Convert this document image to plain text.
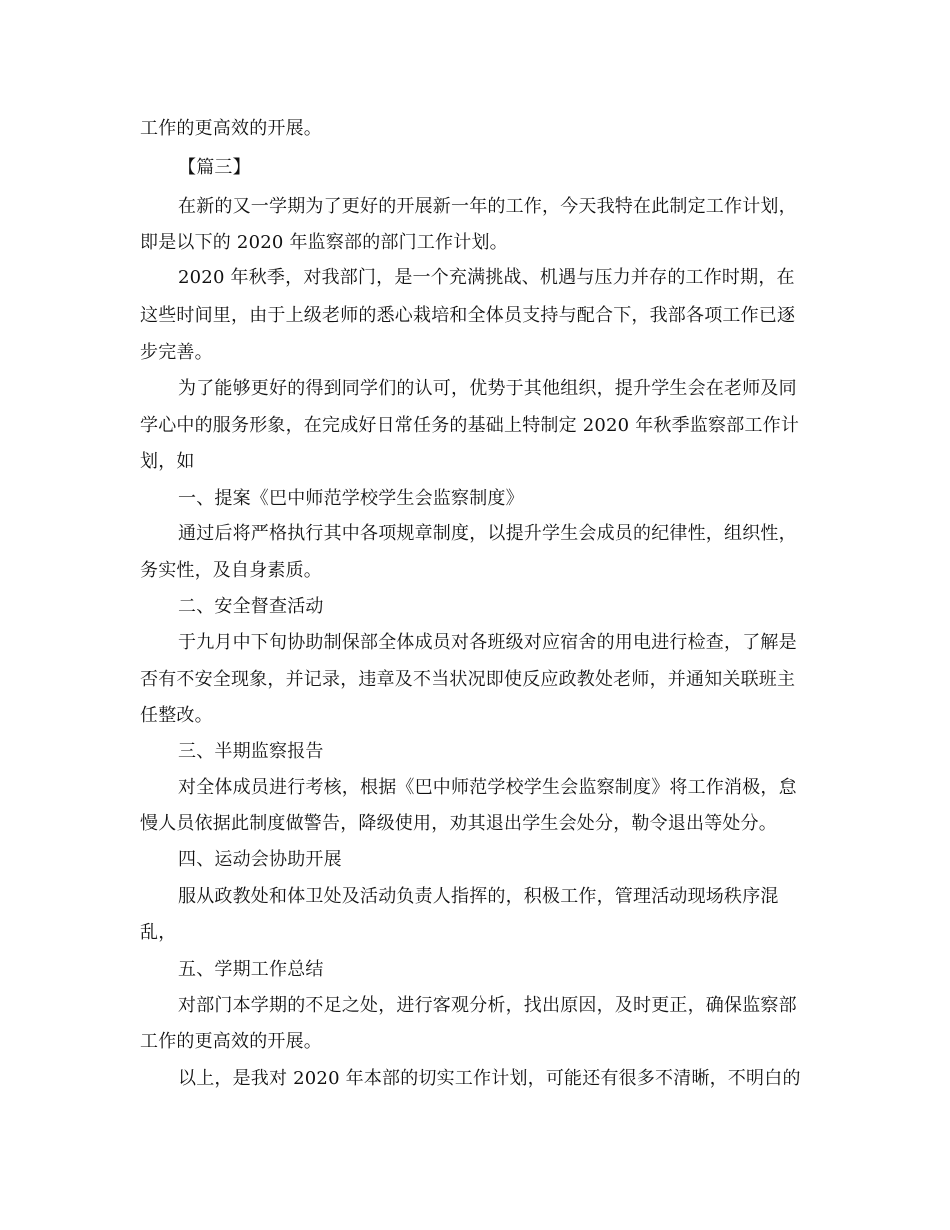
工作的更高效的开展。
【篇三】
在新的又一学期为了更好的开展新一年的工作，今天我特在此制定工作计划，
即是以下的 2020 年监察部的部门工作计划。
2020 年秋季，对我部门，是一个充满挑战、机遇与压力并存的工作时期，在
这些时间里，由于上级老师的悉心栽培和全体员支持与配合下，我部各项工作已逐
步完善。
为了能够更好的得到同学们的认可，优势于其他组织，提升学生会在老师及同
学心中的服务形象，在完成好日常任务的基础上特制定 2020 年秋季监察部工作计
划，如
一、提案《巴中师范学校学生会监察制度》
通过后将严格执行其中各项规章制度，以提升学生会成员的纪律性，组织性，
务实性，及自身素质。
二、安全督查活动
于九月中下旬协助制保部全体成员对各班级对应宿舍的用电进行检查，了解是
否有不安全现象，并记录，违章及不当状况即使反应政教处老师，并通知关联班主
任整改。
三、半期监察报告
对全体成员进行考核，根据《巴中师范学校学生会监察制度》将工作消极，怠
慢人员依据此制度做警告，降级使用，劝其退出学生会处分，勒令退出等处分。
四、运动会协助开展
服从政教处和体卫处及活动负责人指挥的，积极工作，管理活动现场秩序混
乱，
五、学期工作总结
对部门本学期的不足之处，进行客观分析，找出原因，及时更正，确保监察部
工作的更高效的开展。
以上，是我对 2020 年本部的切实工作计划，可能还有很多不清晰，不明白的
